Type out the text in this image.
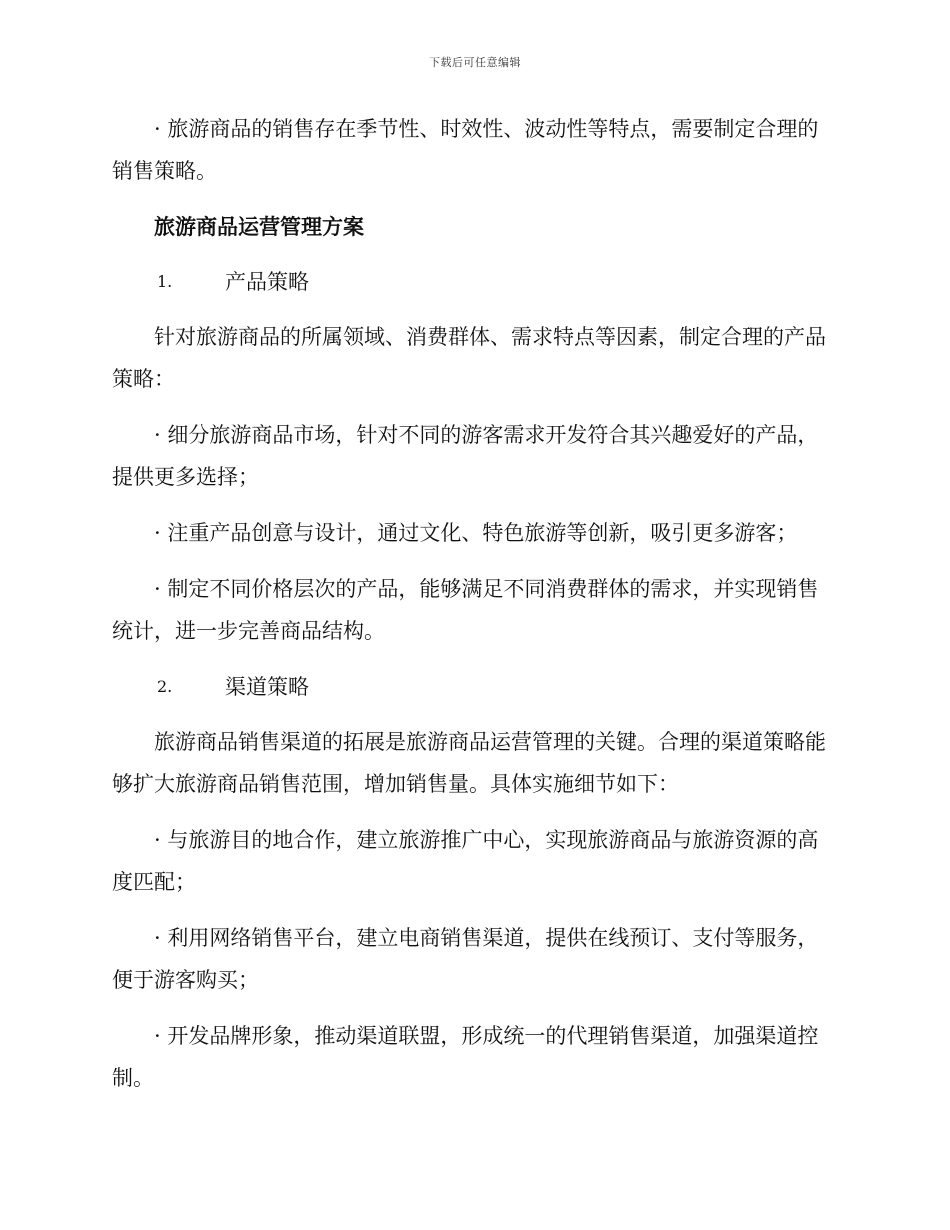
下载后可任意编辑

· 旅游商品的销售存在季节性、时效性、波动性等特点，需要制定合理的销售策略。

旅游商品运营管理方案
1.	产品策略

针对旅游商品的所属领域、消费群体、需求特点等因素，制定合理的产品策略：

· 细分旅游商品市场，针对不同的游客需求开发符合其兴趣爱好的产品，提供更多选择；

· 注重产品创意与设计，通过文化、特色旅游等创新，吸引更多游客；

· 制定不同价格层次的产品，能够满足不同消费群体的需求，并实现销售统计，进一步完善商品结构。

2.	渠道策略

旅游商品销售渠道的拓展是旅游商品运营管理的关键。合理的渠道策略能够扩大旅游商品销售范围，增加销售量。具体实施细节如下：

· 与旅游目的地合作，建立旅游推广中心，实现旅游商品与旅游资源的高度匹配；

· 利用网络销售平台，建立电商销售渠道，提供在线预订、支付等服务，便于游客购买；

· 开发品牌形象，推动渠道联盟，形成统一的代理销售渠道，加强渠道控制。
